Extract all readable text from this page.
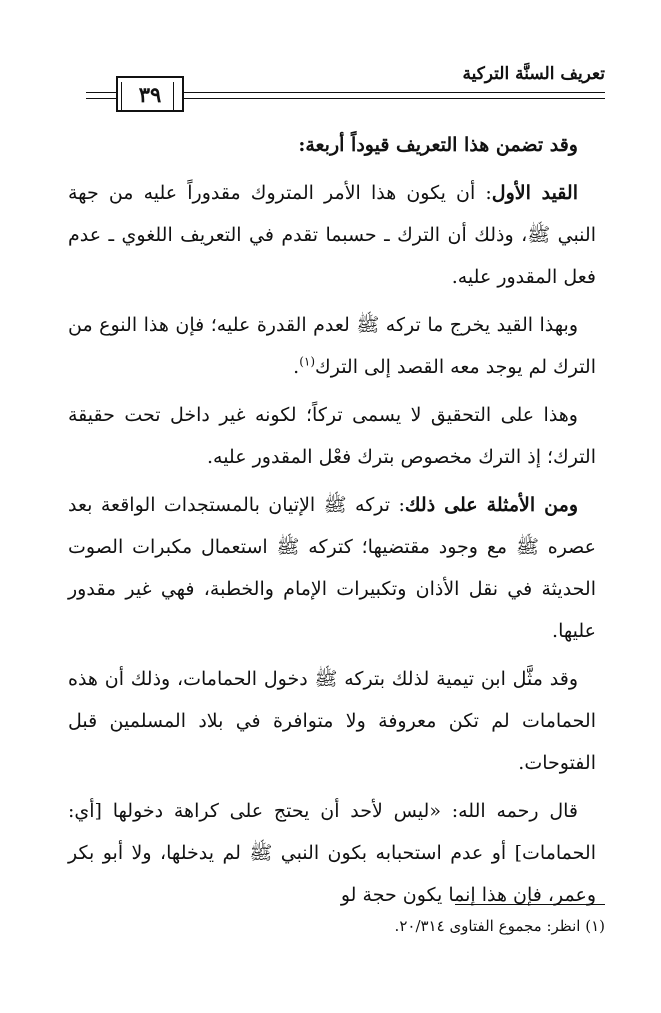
تعريف السنَّة التركية
٣٩

وقد تضمن هذا التعريف قيوداً أربعة:

القيد الأول: أن يكون هذا الأمر المتروك مقدوراً عليه من جهة النبي ﷺ، وذلك أن الترك ـ حسبما تقدم في التعريف اللغوي ـ عدم فعل المقدور عليه.

وبهذا القيد يخرج ما تركه ﷺ لعدم القدرة عليه؛ فإن هذا النوع من الترك لم يوجد معه القصد إلى الترك$^{(١)}$.

وهذا على التحقيق لا يسمى تركاً؛ لكونه غير داخل تحت حقيقة الترك؛ إذ الترك مخصوص بترك فعْل المقدور عليه.

ومن الأمثلة على ذلك: تركه ﷺ الإتيان بالمستجدات الواقعة بعد عصره ﷺ مع وجود مقتضيها؛ كتركه ﷺ استعمال مكبرات الصوت الحديثة في نقل الأذان وتكبيرات الإمام والخطبة، فهي غير مقدور عليها.

وقد مثَّل ابن تيمية لذلك بتركه ﷺ دخول الحمامات، وذلك أن هذه الحمامات لم تكن معروفة ولا متوافرة في بلاد المسلمين قبل الفتوحات.

قال رحمه الله: «ليس لأحد أن يحتج على كراهة دخولها [أي: الحمامات] أو عدم استحبابه بكون النبي ﷺ لم يدخلها، ولا أبو بكر وعمر، فإن هذا إنما يكون حجة لو

(١) انظر: مجموع الفتاوى ٢٠/٣١٤.
